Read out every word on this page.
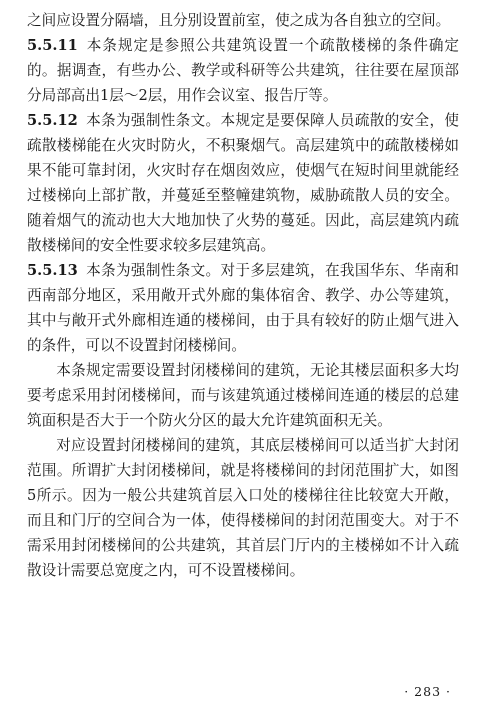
之间应设置分隔墙，且分别设置前室，使之成为各自独立的空间。

5.5.11 本条规定是参照公共建筑设置一个疏散楼梯的条件确定的。据调查，有些办公、教学或科研等公共建筑，往往要在屋顶部分局部高出1层～2层，用作会议室、报告厅等。

5.5.12 本条为强制性条文。本规定是要保障人员疏散的安全，使疏散楼梯能在火灾时防火，不积聚烟气。高层建筑中的疏散楼梯如果不能可靠封闭，火灾时存在烟囱效应，使烟气在短时间里就能经过楼梯向上部扩散，并蔓延至整幢建筑物，威胁疏散人员的安全。随着烟气的流动也大大地加快了火势的蔓延。因此，高层建筑内疏散楼梯间的安全性要求较多层建筑高。

5.5.13 本条为强制性条文。对于多层建筑，在我国华东、华南和西南部分地区，采用敞开式外廊的集体宿舍、教学、办公等建筑，其中与敞开式外廊相连通的楼梯间，由于具有较好的防止烟气进入的条件，可以不设置封闭楼梯间。

本条规定需要设置封闭楼梯间的建筑，无论其楼层面积多大均要考虑采用封闭楼梯间，而与该建筑通过楼梯间连通的楼层的总建筑面积是否大于一个防火分区的最大允许建筑面积无关。

对应设置封闭楼梯间的建筑，其底层楼梯间可以适当扩大封闭范围。所谓扩大封闭楼梯间，就是将楼梯间的封闭范围扩大，如图5所示。因为一般公共建筑首层入口处的楼梯往往比较宽大开敞，而且和门厅的空间合为一体，使得楼梯间的封闭范围变大。对于不需采用封闭楼梯间的公共建筑，其首层门厅内的主楼梯如不计入疏散设计需要总宽度之内，可不设置楼梯间。

· 283 ·
